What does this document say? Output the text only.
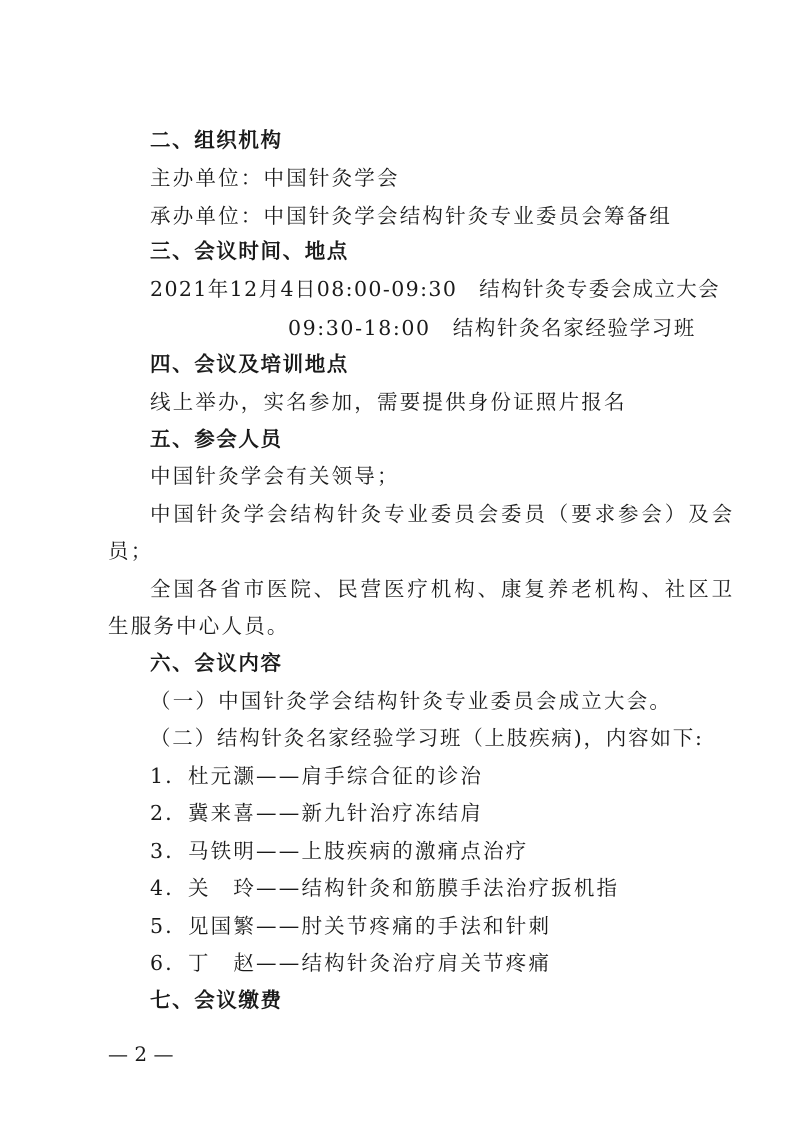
二、组织机构
主办单位：中国针灸学会
承办单位：中国针灸学会结构针灸专业委员会筹备组
三、会议时间、地点
2021年12月4日08:00-09:30　结构针灸专委会成立大会
09:30-18:00　结构针灸名家经验学习班
四、会议及培训地点
线上举办，实名参加，需要提供身份证照片报名
五、参会人员
中国针灸学会有关领导；
中国针灸学会结构针灸专业委员会委员（要求参会）及会
员；
全国各省市医院、民营医疗机构、康复养老机构、社区卫
生服务中心人员。
六、会议内容
（一）中国针灸学会结构针灸专业委员会成立大会。
（二）结构针灸名家经验学习班（上肢疾病)，内容如下:
1．杜元灏——肩手综合征的诊治
2．冀来喜——新九针治疗冻结肩
3．马铁明——上肢疾病的激痛点治疗
4．关　玲——结构针灸和筋膜手法治疗扳机指
5．见国繁——肘关节疼痛的手法和针刺
6．丁　赵——结构针灸治疗肩关节疼痛
七、会议缴费
— 2 —
